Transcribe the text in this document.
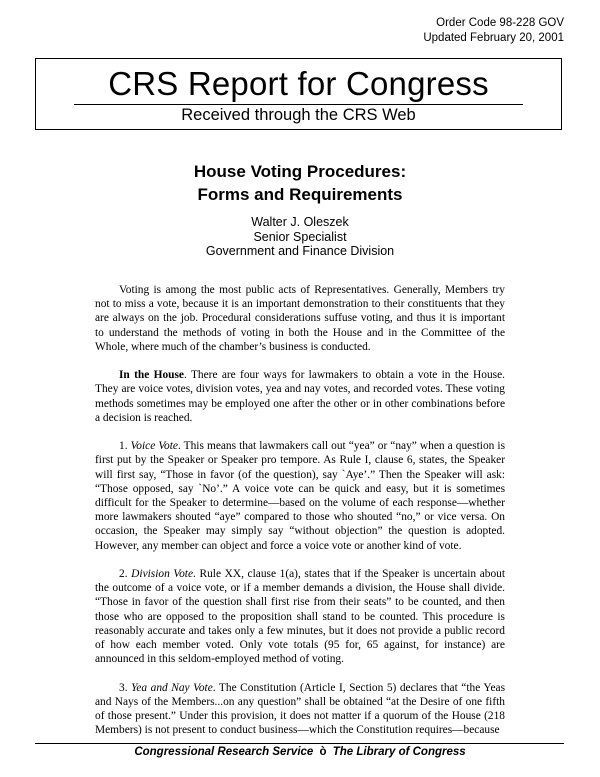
Order Code 98-228 GOV
Updated February 20, 2001
CRS Report for Congress
Received through the CRS Web
House Voting Procedures:
Forms and Requirements
Walter J. Oleszek
Senior Specialist
Government and Finance Division

Voting is among the most public acts of Representatives. Generally, Members try not to miss a vote, because it is an important demonstration to their constituents that they are always on the job. Procedural considerations suffuse voting, and thus it is important to understand the methods of voting in both the House and in the Committee of the Whole, where much of the chamber’s business is conducted.

In the House. There are four ways for lawmakers to obtain a vote in the House. They are voice votes, division votes, yea and nay votes, and recorded votes. These voting methods sometimes may be employed one after the other or in other combinations before a decision is reached.

1. Voice Vote. This means that lawmakers call out “yea” or “nay” when a question is first put by the Speaker or Speaker pro tempore. As Rule I, clause 6, states, the Speaker will first say, “Those in favor (of the question), say `Aye’.” Then the Speaker will ask: “Those opposed, say `No’.” A voice vote can be quick and easy, but it is sometimes difficult for the Speaker to determine—based on the volume of each response—whether more lawmakers shouted “aye” compared to those who shouted “no,” or vice versa. On occasion, the Speaker may simply say “without objection” the question is adopted. However, any member can object and force a voice vote or another kind of vote.

2. Division Vote. Rule XX, clause 1(a), states that if the Speaker is uncertain about the outcome of a voice vote, or if a member demands a division, the House shall divide. “Those in favor of the question shall first rise from their seats” to be counted, and then those who are opposed to the proposition shall stand to be counted. This procedure is reasonably accurate and takes only a few minutes, but it does not provide a public record of how each member voted. Only vote totals (95 for, 65 against, for instance) are announced in this seldom-employed method of voting.

3. Yea and Nay Vote. The Constitution (Article I, Section 5) declares that “the Yeas and Nays of the Members...on any question” shall be obtained “at the Desire of one fifth of those present.” Under this provision, it does not matter if a quorum of the House (218 Members) is not present to conduct business—which the Constitution requires—because

Congressional Research Service ò The Library of Congress
